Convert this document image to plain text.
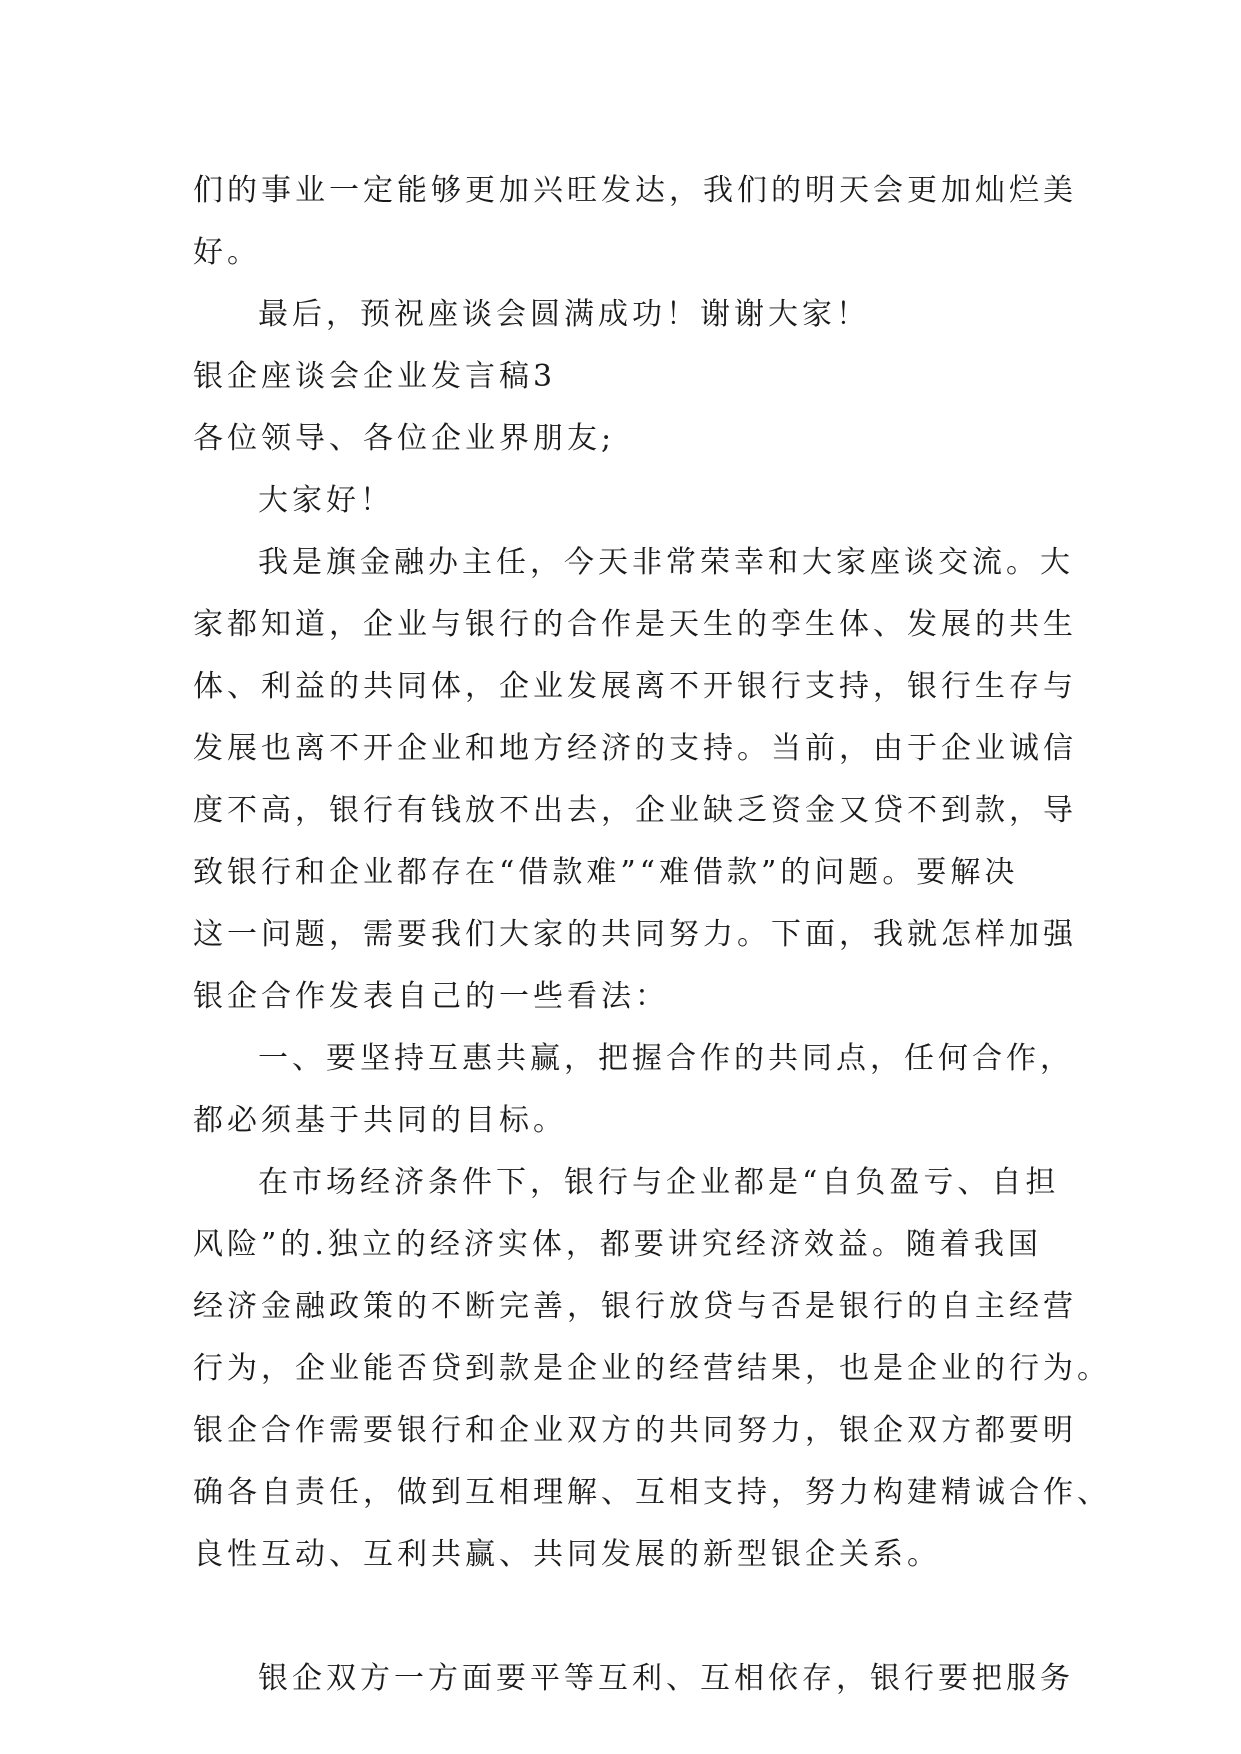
们的事业一定能够更加兴旺发达，我们的明天会更加灿烂美
好。
最后，预祝座谈会圆满成功！谢谢大家！
银企座谈会企业发言稿3
各位领导、各位企业界朋友;
大家好！
我是旗金融办主任，今天非常荣幸和大家座谈交流。大
家都知道，企业与银行的合作是天生的孪生体、发展的共生
体、利益的共同体，企业发展离不开银行支持，银行生存与
发展也离不开企业和地方经济的支持。当前，由于企业诚信
度不高，银行有钱放不出去，企业缺乏资金又贷不到款，导
致银行和企业都存在“借款难”“难借款”的问题。要解决
这一问题，需要我们大家的共同努力。下面，我就怎样加强
银企合作发表自己的一些看法：
一、要坚持互惠共赢，把握合作的共同点，任何合作，
都必须基于共同的目标。
在市场经济条件下，银行与企业都是“自负盈亏、自担
风险”的.独立的经济实体，都要讲究经济效益。随着我国
经济金融政策的不断完善，银行放贷与否是银行的自主经营
行为，企业能否贷到款是企业的经营结果，也是企业的行为。
银企合作需要银行和企业双方的共同努力，银企双方都要明
确各自责任，做到互相理解、互相支持，努力构建精诚合作、
良性互动、互利共赢、共同发展的新型银企关系。
银企双方一方面要平等互利、互相依存，银行要把服务
